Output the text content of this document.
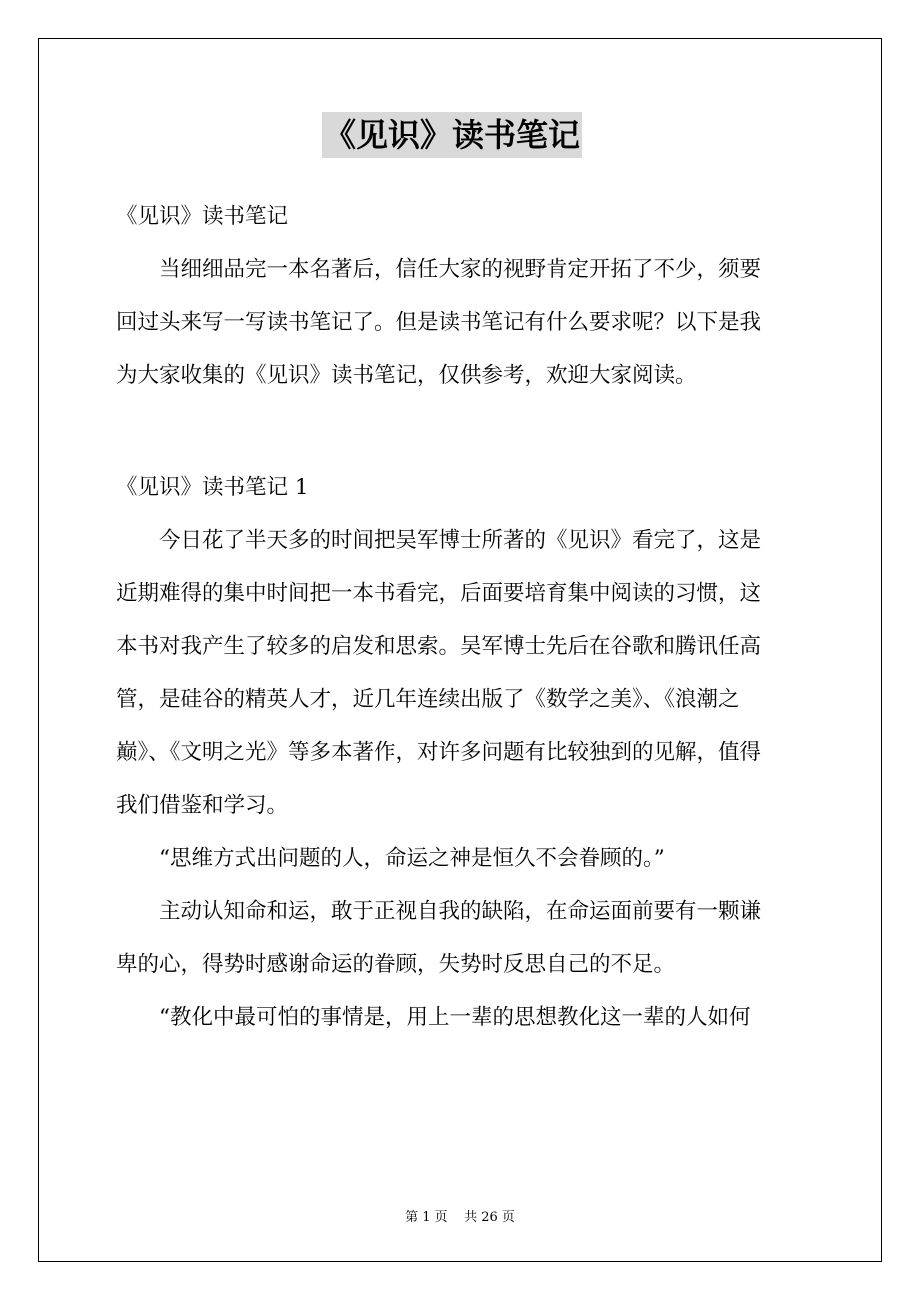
《见识》读书笔记
《见识》读书笔记
当细细品完一本名著后，信任大家的视野肯定开拓了不少，须要
回过头来写一写读书笔记了。但是读书笔记有什么要求呢？以下是我
为大家收集的《见识》读书笔记，仅供参考，欢迎大家阅读。
《见识》读书笔记 1
今日花了半天多的时间把吴军博士所著的《见识》看完了，这是
近期难得的集中时间把一本书看完，后面要培育集中阅读的习惯，这
本书对我产生了较多的启发和思索。吴军博士先后在谷歌和腾讯任高
管，是硅谷的精英人才，近几年连续出版了《数学之美》、《浪潮之
巅》、《文明之光》等多本著作，对许多问题有比较独到的见解，值得
我们借鉴和学习。
“思维方式出问题的人，命运之神是恒久不会眷顾的。”
主动认知命和运，敢于正视自我的缺陷，在命运面前要有一颗谦
卑的心，得势时感谢命运的眷顾，失势时反思自己的不足。
“教化中最可怕的事情是，用上一辈的思想教化这一辈的人如何
第 1 页    共 26 页
